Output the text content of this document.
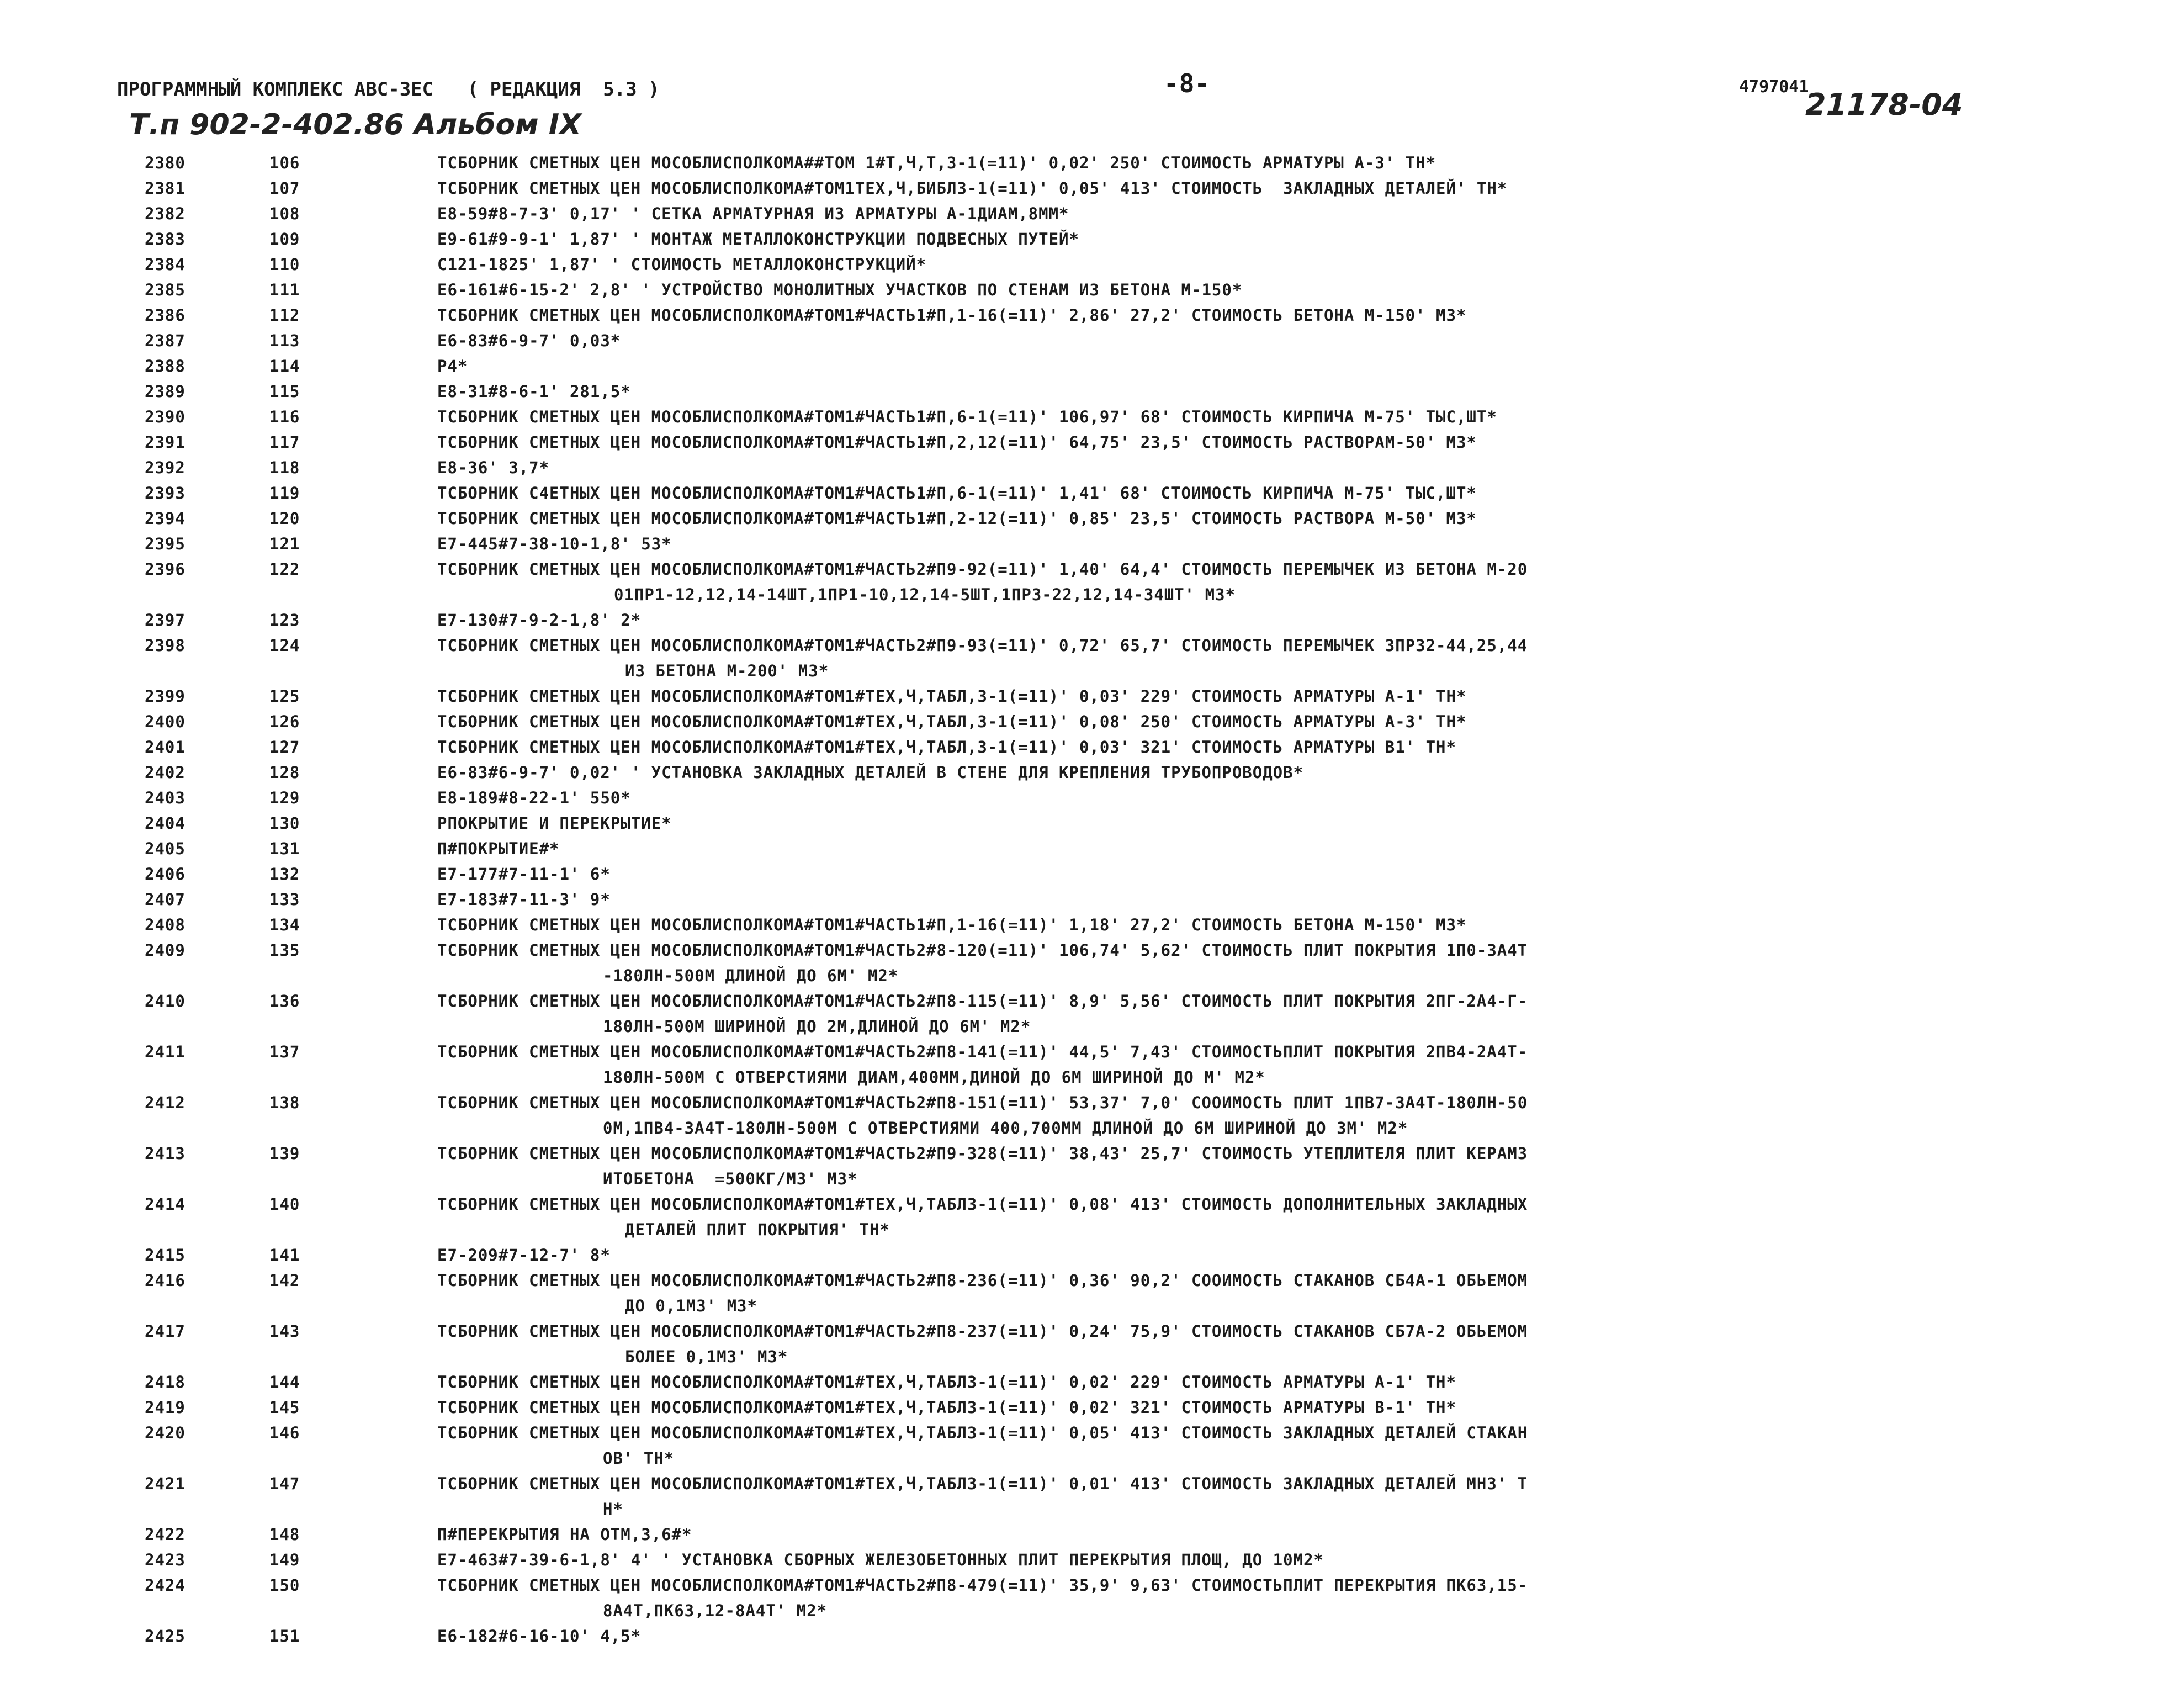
ПРОГРАММНЫЙ КОМПЛЕКС АВС-3ЕС   ( РЕДАКЦИЯ  5.3 )	-8-	4797041
21178-04
Т.п 902-2-402.86 Альбом IX
2380	106	ТСБОРНИК СМЕТНЫХ ЦЕН МОСОБЛИСПОЛКОМА##ТОМ 1#Т,Ч,Т,3-1(=11)' 0,02' 250' СТОИМОСТЬ АРМАТУРЫ А-3' ТН*
2381	107	ТСБОРНИК СМЕТНЫХ ЦЕН МОСОБЛИСПОЛКОМА#ТОМ1ТЕХ,Ч,БИБЛ3-1(=11)' 0,05' 413' СТОИМОСТЬ  ЗАКЛАДНЫХ ДЕТАЛЕЙ' ТН*
2382	108	Е8-59#8-7-3' 0,17' ' СЕТКА АРМАТУРНАЯ ИЗ АРМАТУРЫ А-1ДИАМ,8ММ*
2383	109	Е9-61#9-9-1' 1,87' ' МОНТАЖ МЕТАЛЛОКОНСТРУКЦИИ ПОДВЕСНЫХ ПУТЕЙ*
2384	110	С121-1825' 1,87' ' СТОИМОСТЬ МЕТАЛЛОКОНСТРУКЦИЙ*
2385	111	Е6-161#6-15-2' 2,8' ' УСТРОЙСТВО МОНОЛИТНЫХ УЧАСТКОВ ПО СТЕНАМ ИЗ БЕТОНА М-150*
2386	112	ТСБОРНИК СМЕТНЫХ ЦЕН МОСОБЛИСПОЛКОМА#ТОМ1#ЧАСТЬ1#П,1-16(=11)' 2,86' 27,2' СТОИМОСТЬ БЕТОНА М-150' М3*
2387	113	Е6-83#6-9-7' 0,03*
2388	114	Р4*
2389	115	Е8-31#8-6-1' 281,5*
2390	116	ТСБОРНИК СМЕТНЫХ ЦЕН МОСОБЛИСПОЛКОМА#ТОМ1#ЧАСТЬ1#П,6-1(=11)' 106,97' 68' СТОИМОСТЬ КИРПИЧА М-75' ТЫС,ШТ*
2391	117	ТСБОРНИК СМЕТНЫХ ЦЕН МОСОБЛИСПОЛКОМА#ТОМ1#ЧАСТЬ1#П,2,12(=11)' 64,75' 23,5' СТОИМОСТЬ РАСТВОРАМ-50' М3*
2392	118	Е8-36' 3,7*
2393	119	ТСБОРНИК С4ЕТНЫХ ЦЕН МОСОБЛИСПОЛКОМА#ТОМ1#ЧАСТЬ1#П,6-1(=11)' 1,41' 68' СТОИМОСТЬ КИРПИЧА М-75' ТЫС,ШТ*
2394	120	ТСБОРНИК СМЕТНЫХ ЦЕН МОСОБЛИСПОЛКОМА#ТОМ1#ЧАСТЬ1#П,2-12(=11)' 0,85' 23,5' СТОИМОСТЬ РАСТВОРА М-50' М3*
2395	121	Е7-445#7-38-10-1,8' 53*
2396	122	ТСБОРНИК СМЕТНЫХ ЦЕН МОСОБЛИСПОЛКОМА#ТОМ1#ЧАСТЬ2#П9-92(=11)' 1,40' 64,4' СТОИМОСТЬ ПЕРЕМЫЧЕК ИЗ БЕТОНА М-20
01ПР1-12,12,14-14ШТ,1ПР1-10,12,14-5ШТ,1ПР3-22,12,14-34ШТ' М3*
2397	123	Е7-130#7-9-2-1,8' 2*
2398	124	ТСБОРНИК СМЕТНЫХ ЦЕН МОСОБЛИСПОЛКОМА#ТОМ1#ЧАСТЬ2#П9-93(=11)' 0,72' 65,7' СТОИМОСТЬ ПЕРЕМЫЧЕК 3ПР32-44,25,44
ИЗ БЕТОНА М-200' М3*
2399	125	ТСБОРНИК СМЕТНЫХ ЦЕН МОСОБЛИСПОЛКОМА#ТОМ1#ТЕХ,Ч,ТАБЛ,3-1(=11)' 0,03' 229' СТОИМОСТЬ АРМАТУРЫ А-1' ТН*
2400	126	ТСБОРНИК СМЕТНЫХ ЦЕН МОСОБЛИСПОЛКОМА#ТОМ1#ТЕХ,Ч,ТАБЛ,3-1(=11)' 0,08' 250' СТОИМОСТЬ АРМАТУРЫ А-3' ТН*
2401	127	ТСБОРНИК СМЕТНЫХ ЦЕН МОСОБЛИСПОЛКОМА#ТОМ1#ТЕХ,Ч,ТАБЛ,3-1(=11)' 0,03' 321' СТОИМОСТЬ АРМАТУРЫ В1' ТН*
2402	128	Е6-83#6-9-7' 0,02' ' УСТАНОВКА ЗАКЛАДНЫХ ДЕТАЛЕЙ В СТЕНЕ ДЛЯ КРЕПЛЕНИЯ ТРУБОПРОВОДОВ*
2403	129	Е8-189#8-22-1' 550*
2404	130	РПОКРЫТИЕ И ПЕРЕКРЫТИЕ*
2405	131	П#ПОКРЫТИЕ#*
2406	132	Е7-177#7-11-1' 6*
2407	133	Е7-183#7-11-3' 9*
2408	134	ТСБОРНИК СМЕТНЫХ ЦЕН МОСОБЛИСПОЛКОМА#ТОМ1#ЧАСТЬ1#П,1-16(=11)' 1,18' 27,2' СТОИМОСТЬ БЕТОНА М-150' М3*
2409	135	ТСБОРНИК СМЕТНЫХ ЦЕН МОСОБЛИСПОЛКОМА#ТОМ1#ЧАСТЬ2#8-120(=11)' 106,74' 5,62' СТОИМОСТЬ ПЛИТ ПОКРЫТИЯ 1П0-3А4Т
-180ЛН-500М ДЛИНОЙ ДО 6М' М2*
2410	136	ТСБОРНИК СМЕТНЫХ ЦЕН МОСОБЛИСПОЛКОМА#ТОМ1#ЧАСТЬ2#П8-115(=11)' 8,9' 5,56' СТОИМОСТЬ ПЛИТ ПОКРЫТИЯ 2ПГ-2А4-Г-
180ЛН-500М ШИРИНОЙ ДО 2М,ДЛИНОЙ ДО 6М' М2*
2411	137	ТСБОРНИК СМЕТНЫХ ЦЕН МОСОБЛИСПОЛКОМА#ТОМ1#ЧАСТЬ2#П8-141(=11)' 44,5' 7,43' СТОИМОСТЬПЛИТ ПОКРЫТИЯ 2ПВ4-2А4Т-
180ЛН-500М С ОТВЕРСТИЯМИ ДИАМ,400ММ,ДИНОЙ ДО 6М ШИРИНОЙ ДО М' М2*
2412	138	ТСБОРНИК СМЕТНЫХ ЦЕН МОСОБЛИСПОЛКОМА#ТОМ1#ЧАСТЬ2#П8-151(=11)' 53,37' 7,0' СООИМОСТЬ ПЛИТ 1ПВ7-3А4Т-180ЛН-50
0М,1ПВ4-3А4Т-180ЛН-500М С ОТВЕРСТИЯМИ 400,700ММ ДЛИНОЙ ДО 6М ШИРИНОЙ ДО 3М' М2*
2413	139	ТСБОРНИК СМЕТНЫХ ЦЕН МОСОБЛИСПОЛКОМА#ТОМ1#ЧАСТЬ2#П9-328(=11)' 38,43' 25,7' СТОИМОСТЬ УТЕПЛИТЕЛЯ ПЛИТ КЕРАМЗ
ИТОБЕТОНА  =500КГ/М3' М3*
2414	140	ТСБОРНИК СМЕТНЫХ ЦЕН МОСОБЛИСПОЛКОМА#ТОМ1#ТЕХ,Ч,ТАБЛ3-1(=11)' 0,08' 413' СТОИМОСТЬ ДОПОЛНИТЕЛЬНЫХ ЗАКЛАДНЫХ
ДЕТАЛЕЙ ПЛИТ ПОКРЫТИЯ' ТН*
2415	141	Е7-209#7-12-7' 8*
2416	142	ТСБОРНИК СМЕТНЫХ ЦЕН МОСОБЛИСПОЛКОМА#ТОМ1#ЧАСТЬ2#П8-236(=11)' 0,36' 90,2' СООИМОСТЬ СТАКАНОВ СБ4А-1 ОБЬЕМОМ
ДО 0,1М3' М3*
2417	143	ТСБОРНИК СМЕТНЫХ ЦЕН МОСОБЛИСПОЛКОМА#ТОМ1#ЧАСТЬ2#П8-237(=11)' 0,24' 75,9' СТОИМОСТЬ СТАКАНОВ СБ7А-2 ОБЬЕМОМ
БОЛЕЕ 0,1М3' М3*
2418	144	ТСБОРНИК СМЕТНЫХ ЦЕН МОСОБЛИСПОЛКОМА#ТОМ1#ТЕХ,Ч,ТАБЛ3-1(=11)' 0,02' 229' СТОИМОСТЬ АРМАТУРЫ А-1' ТН*
2419	145	ТСБОРНИК СМЕТНЫХ ЦЕН МОСОБЛИСПОЛКОМА#ТОМ1#ТЕХ,Ч,ТАБЛ3-1(=11)' 0,02' 321' СТОИМОСТЬ АРМАТУРЫ В-1' ТН*
2420	146	ТСБОРНИК СМЕТНЫХ ЦЕН МОСОБЛИСПОЛКОМА#ТОМ1#ТЕХ,Ч,ТАБЛ3-1(=11)' 0,05' 413' СТОИМОСТЬ ЗАКЛАДНЫХ ДЕТАЛЕЙ СТАКАН
ОВ' ТН*
2421	147	ТСБОРНИК СМЕТНЫХ ЦЕН МОСОБЛИСПОЛКОМА#ТОМ1#ТЕХ,Ч,ТАБЛ3-1(=11)' 0,01' 413' СТОИМОСТЬ ЗАКЛАДНЫХ ДЕТАЛЕЙ МН3' Т
Н*
2422	148	П#ПЕРЕКРЫТИЯ НА ОТМ,3,6#*
2423	149	Е7-463#7-39-6-1,8' 4' ' УСТАНОВКА СБОРНЫХ ЖЕЛЕЗОБЕТОННЫХ ПЛИТ ПЕРЕКРЫТИЯ ПЛОЩ, ДО 10М2*
2424	150	ТСБОРНИК СМЕТНЫХ ЦЕН МОСОБЛИСПОЛКОМА#ТОМ1#ЧАСТЬ2#П8-479(=11)' 35,9' 9,63' СТОИМОСТЬПЛИТ ПЕРЕКРЫТИЯ ПК63,15-
8А4Т,ПК63,12-8А4Т' М2*
2425	151	Е6-182#6-16-10' 4,5*
